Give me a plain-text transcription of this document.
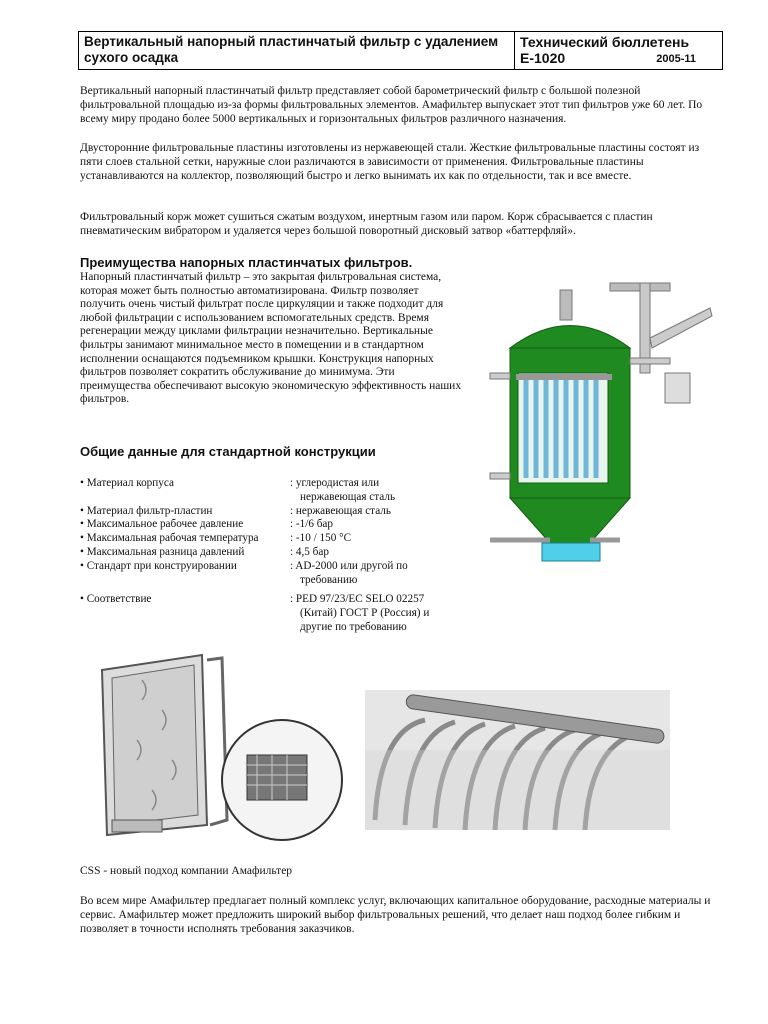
Вертикальный напорный пластинчатый фильтр с удалением сухого осадка
Технический бюллетень
E-1020	2005-11
Вертикальный напорный пластинчатый фильтр представляет собой барометрический фильтр с большой полезной фильтровальной площадью из-за формы фильтровальных элементов. Амафильтер выпускает этот тип фильтров уже 60 лет. По всему миру продано более 5000 вертикальных и горизонтальных фильтров различного назначения.
Двусторонние фильтровальные пластины изготовлены из нержавеющей стали. Жесткие фильтровальные пластины состоят из пяти слоев стальной сетки, наружные слои различаются в зависимости от применения. Фильтровальные пластины устанавливаются на коллектор, позволяющий быстро и легко вынимать их как по отдельности, так и все вместе.
Фильтровальный корж может сушиться сжатым воздухом, инертным газом или паром. Корж сбрасывается с пластин пневматическим вибратором и удаляется через большой поворотный дисковый затвор «баттерфляй».
Преимущества напорных пластинчатых фильтров.
Напорный пластинчатый фильтр – это закрытая фильтровальная система, которая может быть полностью автоматизирована. Фильтр позволяет получить очень чистый фильтрат после циркуляции и также подходит для любой фильтрации с использованием вспомогательных средств. Время регенерации между циклами фильтрации незначительно. Вертикальные фильтры занимают минимальное место в помещении и в стандартном исполнении оснащаются подъемником крышки. Конструкция напорных фильтров позволяет сократить обслуживание до минимума. Эти преимущества обеспечивают высокую экономическую эффективность наших фильтров.
Общие данные для стандартной конструкции
• Материал корпуса	: углеродистая или
нержавеющая сталь
• Материал фильтр-пластин	: нержавеющая сталь
• Максимальное рабочее давление	: -1/6 бар
• Максимальная рабочая температура	: -10 / 150 °C
• Максимальная разница давлений	: 4,5 бар
• Стандарт при конструировании	: AD-2000 или другой по
требованию
• Соответствие	: PED 97/23/EC SELO 02257
(Китай) ГОСТ Р (Россия) и
другие по требованию
CSS - новый подход компании Амафильтер
Во всем мире Амафильтер предлагает полный комплекс услуг, включающих капитальное оборудование, расходные материалы и сервис. Амафильтер может предложить широкий выбор фильтровальных решений, что делает наш подход более гибким и позволяет в точности исполнять требования заказчиков.
